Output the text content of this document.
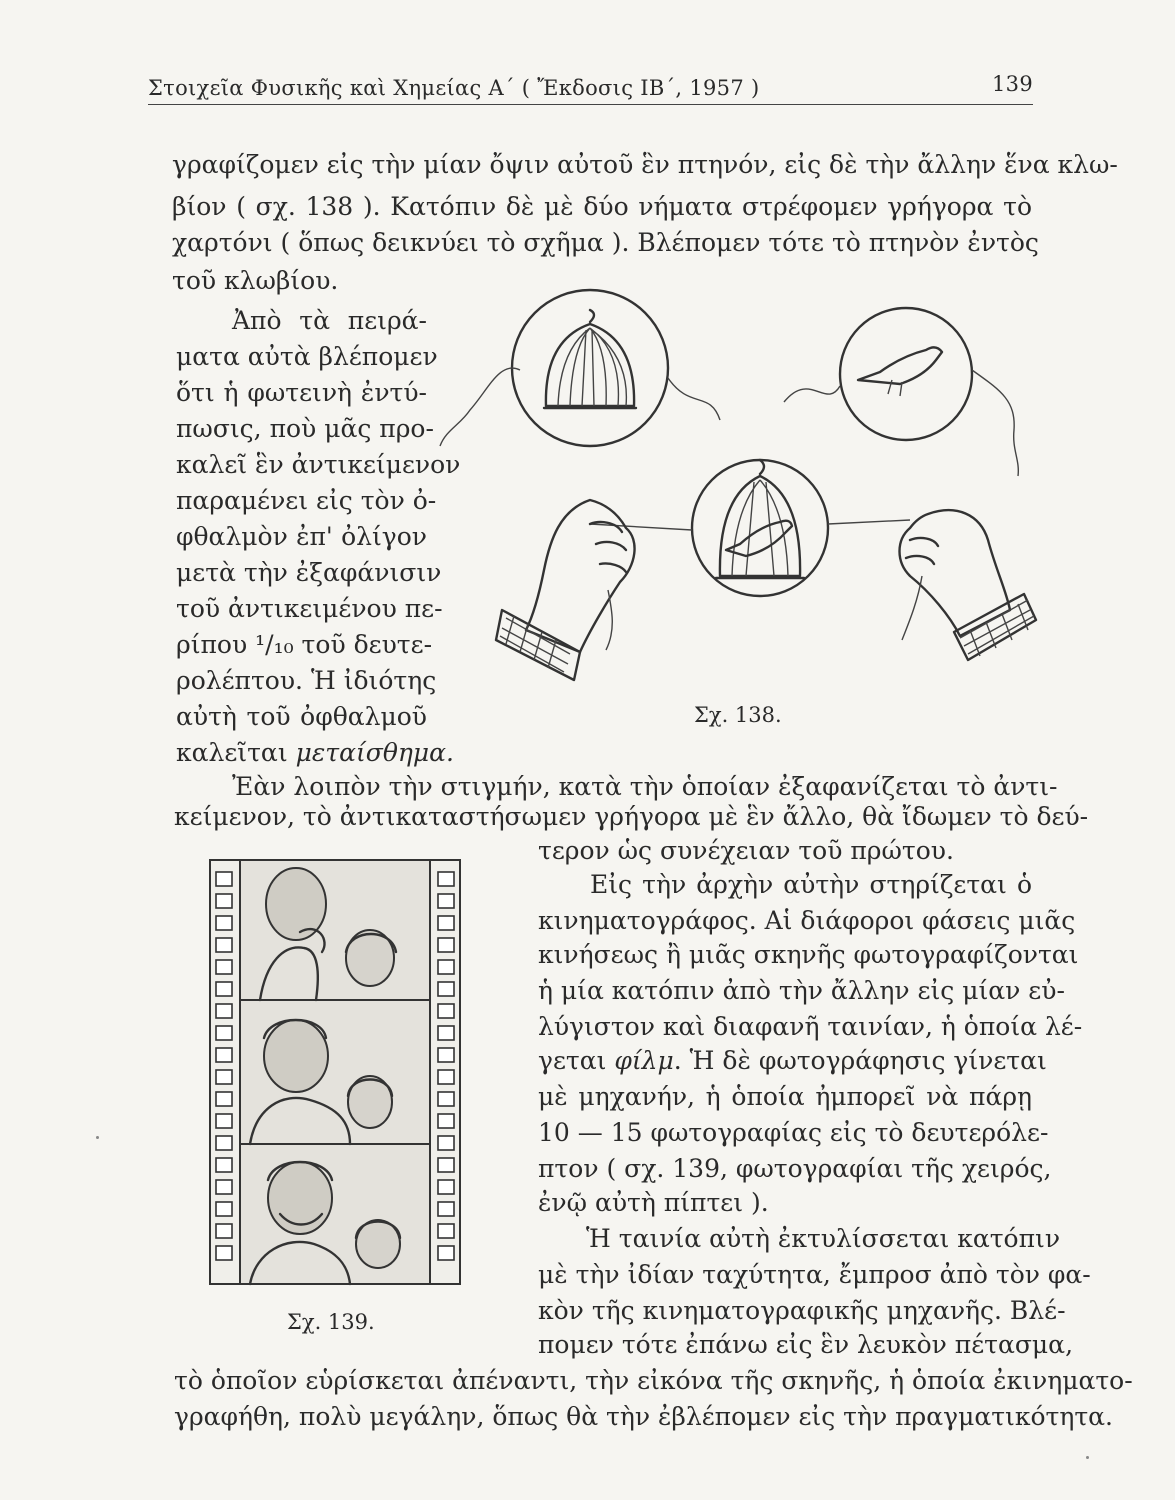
Στοιχεῖα Φυσικῆς καὶ Χημείας Α΄ ( Ἔκδοσις ΙΒ΄, 1957 )	139
γραφίζομεν εἰς τὴν μίαν ὄψιν αὐτοῦ ἓν πτηνόν, εἰς δὲ τὴν ἄλλην ἕνα κλω-
βίον ( σχ. 138 ). Κατόπιν δὲ μὲ δύο νήματα στρέφομεν γρήγορα τὸ
χαρτόνι ( ὅπως δεικνύει τὸ σχῆμα ). Βλέπομεν τότε τὸ πτηνὸν ἐντὸς
τοῦ κλωβίου.
Ἀπὸ τὰ πειρά-
ματα αὐτὰ βλέπομεν
ὅτι ἡ φωτεινὴ ἐντύ-
πωσις, ποὺ μᾶς προ-
καλεῖ ἓν ἀντικείμενον
παραμένει εἰς τὸν ὀ-
φθαλμὸν ἐπ' ὀλίγον
μετὰ τὴν ἐξαφάνισιν
τοῦ ἀντικειμένου πε-
ρίπου ¹/₁₀ τοῦ δευτε-
ρολέπτου. Ἡ ἰδιότης
αὐτὴ τοῦ ὀφθαλμοῦ
καλεῖται μεταίσθημα.
Σχ. 138.
Ἐὰν λοιπὸν τὴν στιγμήν, κατὰ τὴν ὁποίαν ἐξαφανίζεται τὸ ἀντι-
κείμενον, τὸ ἀντικαταστήσωμεν γρήγορα μὲ ἓν ἄλλο, θὰ ἴδωμεν τὸ δεύ-
τερον ὡς συνέχειαν τοῦ πρώτου.
Σχ. 139.
Εἰς τὴν ἀρχὴν αὐτὴν στηρίζεται ὁ
κινηματογράφος. Αἱ διάφοροι φάσεις μιᾶς
κινήσεως ἢ μιᾶς σκηνῆς φωτογραφίζονται
ἡ μία κατόπιν ἀπὸ τὴν ἄλλην εἰς μίαν εὐ-
λύγιστον καὶ διαφανῆ ταινίαν, ἡ ὁποία λέ-
γεται φίλμ. Ἡ δὲ φωτογράφησις γίνεται
μὲ μηχανήν, ἡ ὁποία ἠμπορεῖ νὰ πάρῃ
10 — 15 φωτογραφίας εἰς τὸ δευτερόλε-
πτον ( σχ. 139, φωτογραφίαι τῆς χειρός,
ἐνῷ αὐτὴ πίπτει ).
Ἡ ταινία αὐτὴ ἐκτυλίσσεται κατόπιν
μὲ τὴν ἰδίαν ταχύτητα, ἔμπροσ ἀπὸ τὸν φα-
κὸν τῆς κινηματογραφικῆς μηχανῆς. Βλέ-
πομεν τότε ἐπάνω εἰς ἓν λευκὸν πέτασμα,
τὸ ὁποῖον εὑρίσκεται ἀπέναντι, τὴν εἰκόνα τῆς σκηνῆς, ἡ ὁποία ἐκινηματο-
γραφήθη, πολὺ μεγάλην, ὅπως θὰ τὴν ἐβλέπομεν εἰς τὴν πραγματικότητα.
